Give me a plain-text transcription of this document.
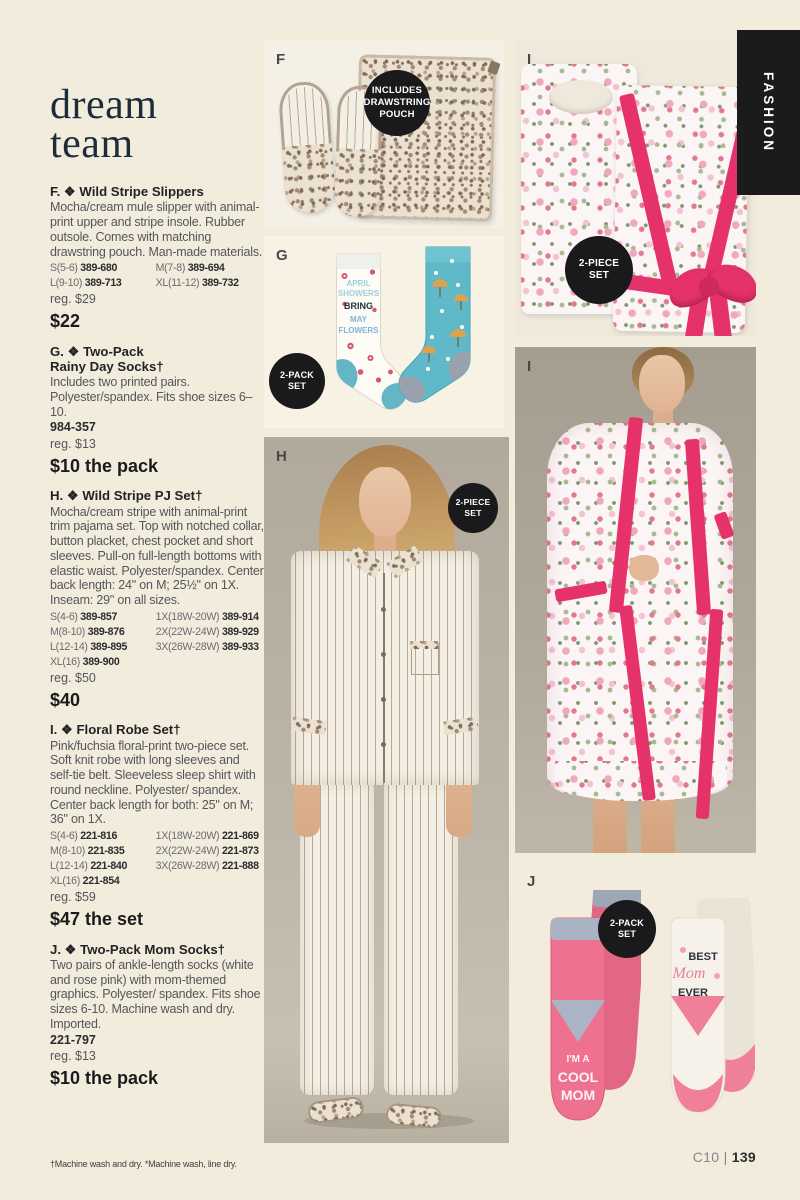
FASHION
dream
team
F. ❖ Wild Stripe Slippers

Mocha/cream mule slipper with animal-print upper and stripe insole. Rubber outsole. Comes with matching drawstring pouch. Man-made materials.

S(5-6) 389-680	M(7-8) 389-694
L(9-10) 389-713	XL(11-12) 389-732
reg. $29
$22
G. ❖ Two-Pack
Rainy Day Socks†

Includes two printed pairs. Polyester/spandex. Fits shoe sizes 6–10.

984-357
reg. $13
$10 the pack
H. ❖ Wild Stripe PJ Set†

Mocha/cream stripe with animal-print trim pajama set. Top with notched collar, button placket, chest pocket and short sleeves. Pull-on full-length bottoms with elastic waist. Polyester/spandex. Center back length: 24" on M; 25½" on 1X. Inseam: 29" on all sizes.

S(4-6) 389-857	1X(18W-20W) 389-914
M(8-10) 389-876	2X(22W-24W) 389-929
L(12-14) 389-895	3X(26W-28W) 389-933
XL(16) 389-900
reg. $50
$40
I. ❖ Floral Robe Set†

Pink/fuchsia floral-print two-piece set. Soft knit robe with long sleeves and self-tie belt. Sleeveless sleep shirt with round neckline. Polyester/ spandex. Center back length for both: 25" on M; 36" on 1X.

S(4-6) 221-816	1X(18W-20W) 221-869
M(8-10) 221-835	2X(22W-24W) 221-873
L(12-14) 221-840	3X(26W-28W) 221-888
XL(16) 221-854
reg. $59
$47 the set
J. ❖ Two-Pack Mom Socks†

Two pairs of ankle-length socks (white and rose pink) with mom-themed graphics. Polyester/ spandex. Fits shoe sizes 6-10. Machine wash and dry. Imported.

221-797
reg. $13
$10 the pack
INCLUDES DRAWSTRING POUCH
F
APRIL
SHOWERS
BRING
MAY
FLOWERS
2-PACK SET
G
2-PIECE SET
H
2-PIECE SET
I
I
I'M A
COOL
MOM
BEST
Mom
EVER
2-PACK SET
J
†Machine wash and dry. *Machine wash, line dry.	C10 | 139
